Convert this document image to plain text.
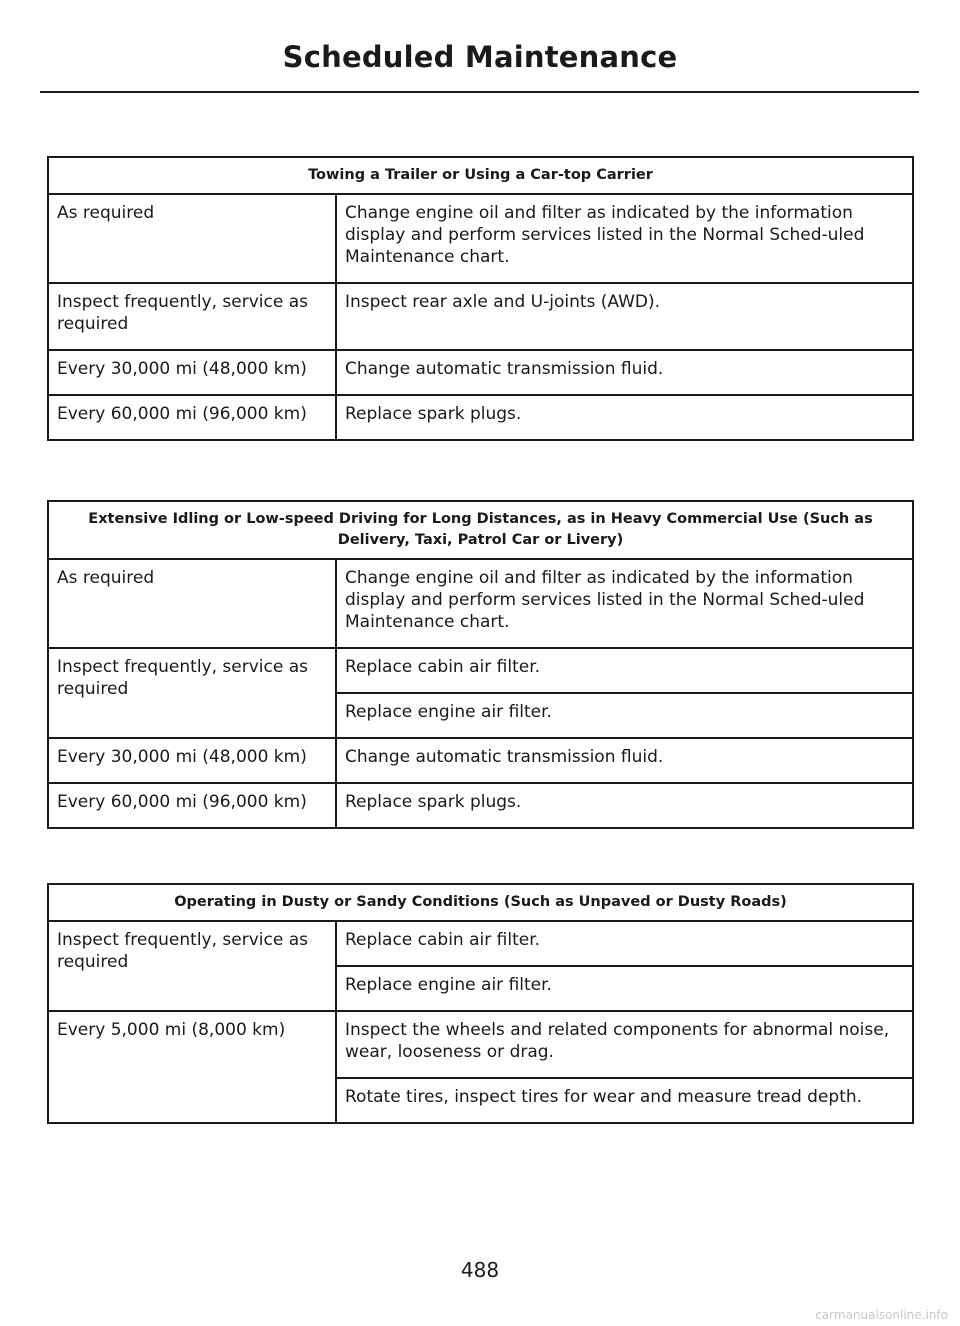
Scheduled Maintenance
Towing a Trailer or Using a Car-top Carrier	
As required	Change engine oil and filter as indicated by the information display and perform services listed in the Normal Sched-uled Maintenance chart.
Inspect frequently, service as required	Inspect rear axle and U-joints (AWD).
Every 30,000 mi (48,000 km)	Change automatic transmission fluid.
Every 60,000 mi (96,000 km)	Replace spark plugs.
Extensive Idling or Low-speed Driving for Long Distances, as in Heavy Commercial Use (Such as Delivery, Taxi, Patrol Car or Livery)	
As required	Change engine oil and filter as indicated by the information display and perform services listed in the Normal Sched-uled Maintenance chart.
Inspect frequently, service as required	Replace cabin air filter.
	Replace engine air filter.
Every 30,000 mi (48,000 km)	Change automatic transmission fluid.
Every 60,000 mi (96,000 km)	Replace spark plugs.
Operating in Dusty or Sandy Conditions (Such as Unpaved or Dusty Roads)	
Inspect frequently, service as required	Replace cabin air filter.
	Replace engine air filter.
Every 5,000 mi (8,000 km)	Inspect the wheels and related components for abnormal noise, wear, looseness or drag.
	Rotate tires, inspect tires for wear and measure tread depth.
488
carmanualsonline.info
